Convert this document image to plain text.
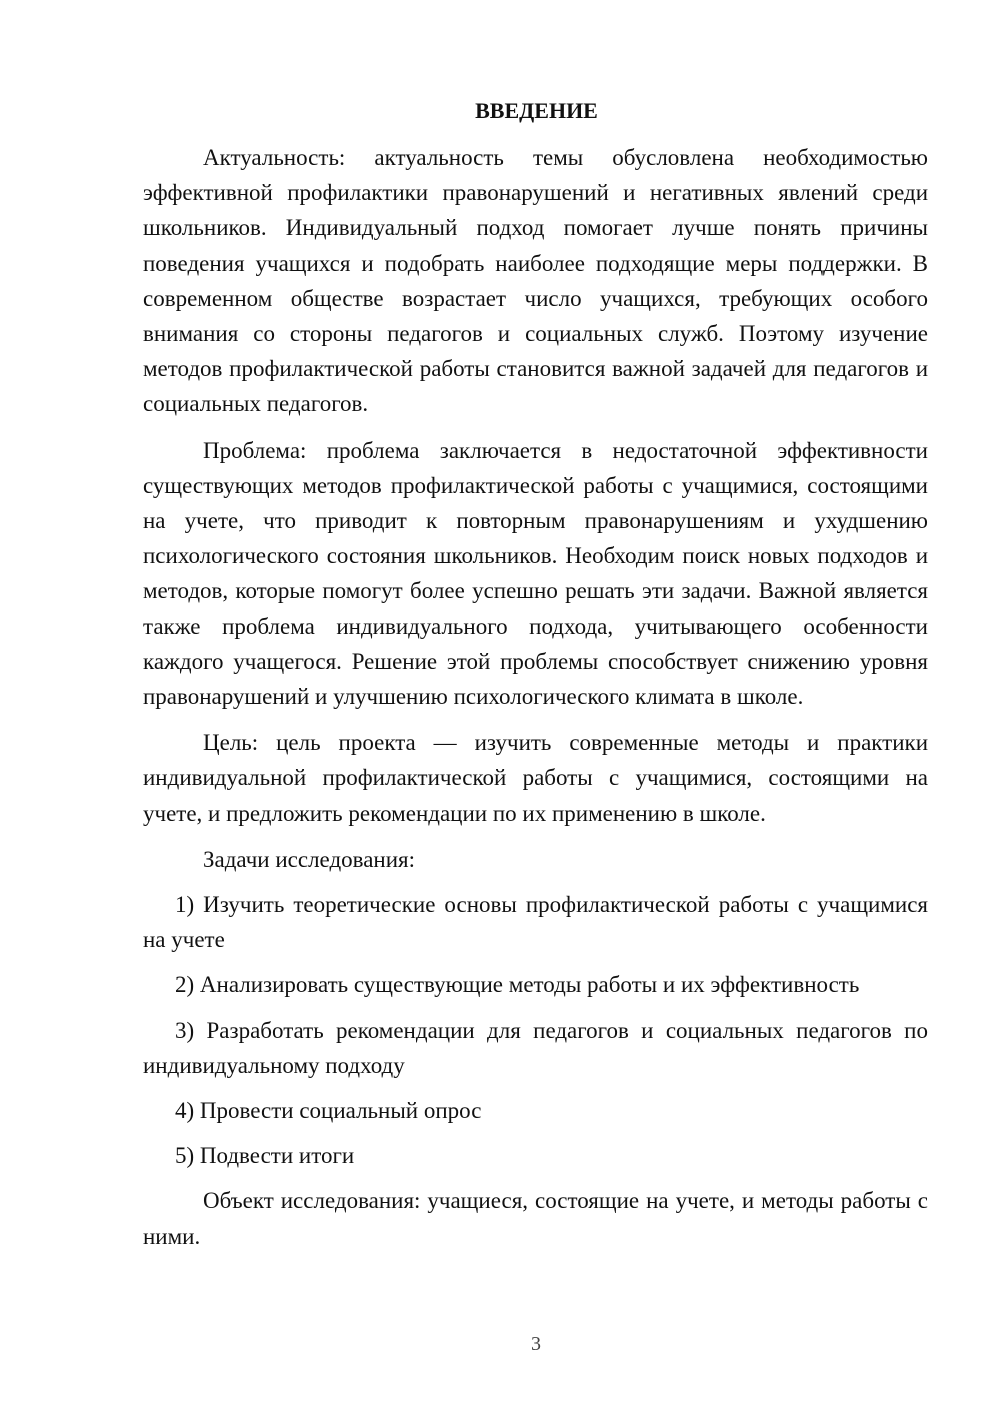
ВВЕДЕНИЕ

Актуальность: актуальность темы обусловлена необходимостью эффективной профилактики правонарушений и негативных явлений среди школьников. Индивидуальный подход помогает лучше понять причины поведения учащихся и подобрать наиболее подходящие меры поддержки. В современном обществе возрастает число учащихся, требующих особого внимания со стороны педагогов и социальных служб. Поэтому изучение методов профилактической работы становится важной задачей для педагогов и социальных педагогов.

Проблема: проблема заключается в недостаточной эффективности существующих методов профилактической работы с учащимися, состоящими на учете, что приводит к повторным правонарушениям и ухудшению психологического состояния школьников. Необходим поиск новых подходов и методов, которые помогут более успешно решать эти задачи. Важной является также проблема индивидуального подхода, учитывающего особенности каждого учащегося. Решение этой проблемы способствует снижению уровня правонарушений и улучшению психологического климата в школе.

Цель: цель проекта — изучить современные методы и практики индивидуальной профилактической работы с учащимися, состоящими на учете, и предложить рекомендации по их применению в школе.

Задачи исследования:

1) Изучить теоретические основы профилактической работы с учащимися на учете

2) Анализировать существующие методы работы и их эффективность

3) Разработать рекомендации для педагогов и социальных педагогов по индивидуальному подходу

4) Провести социальный опрос

5) Подвести итоги

Объект исследования: учащиеся, состоящие на учете, и методы работы с ними.

3
